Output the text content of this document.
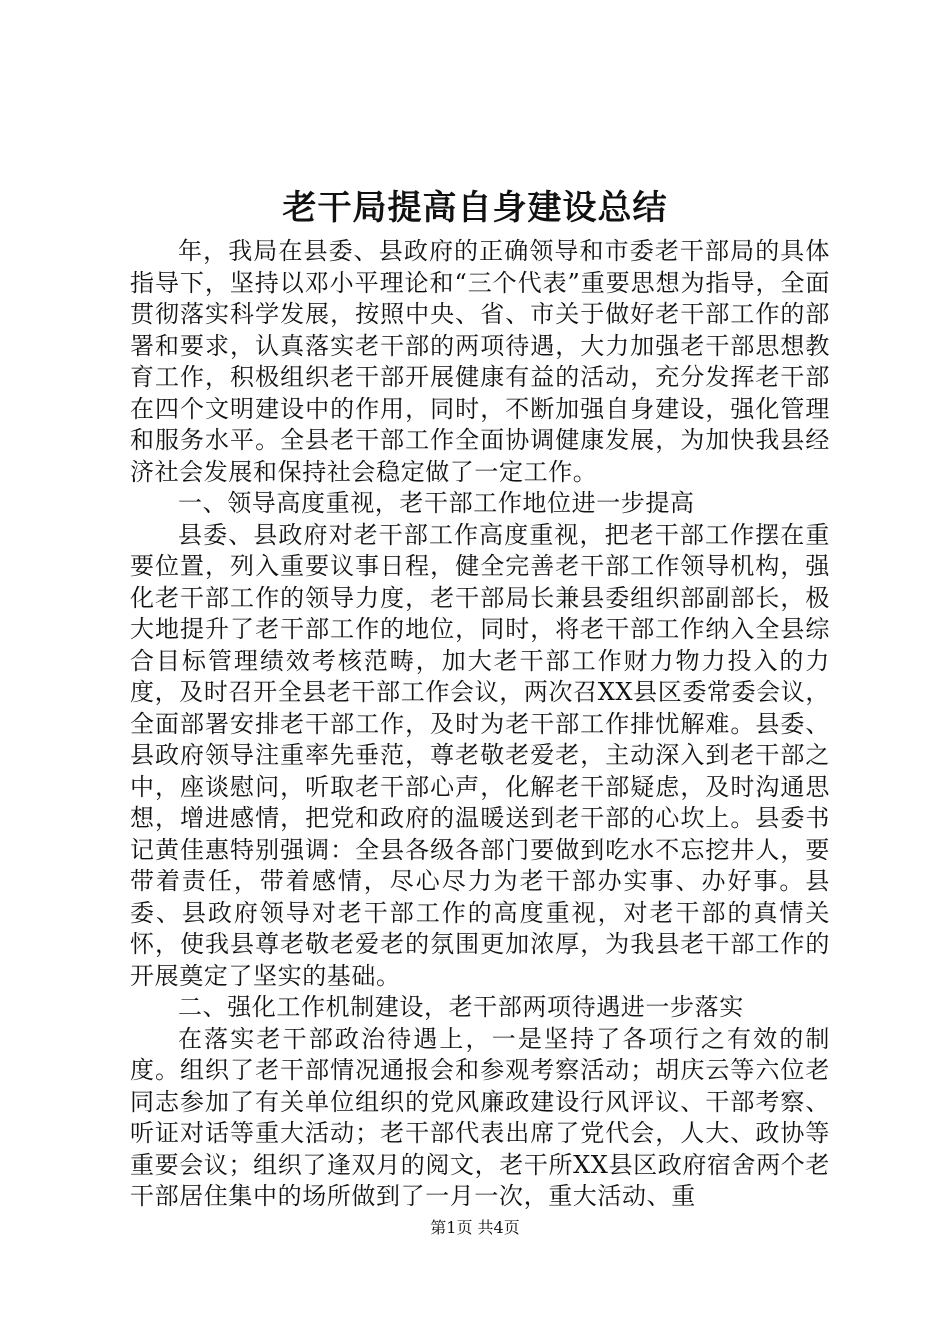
老干局提高自身建设总结

年，我局在县委、县政府的正确领导和市委老干部局的具体指导下，坚持以邓小平理论和“三个代表”重要思想为指导，全面贯彻落实科学发展，按照中央、省、市关于做好老干部工作的部署和要求，认真落实老干部的两项待遇，大力加强老干部思想教育工作，积极组织老干部开展健康有益的活动，充分发挥老干部在四个文明建设中的作用，同时，不断加强自身建设，强化管理和服务水平。全县老干部工作全面协调健康发展，为加快我县经济社会发展和保持社会稳定做了一定工作。

一、领导高度重视，老干部工作地位进一步提高

县委、县政府对老干部工作高度重视，把老干部工作摆在重要位置，列入重要议事日程，健全完善老干部工作领导机构，强化老干部工作的领导力度，老干部局长兼县委组织部副部长，极大地提升了老干部工作的地位，同时，将老干部工作纳入全县综合目标管理绩效考核范畴，加大老干部工作财力物力投入的力度，及时召开全县老干部工作会议，两次召XX县区委常委会议，全面部署安排老干部工作，及时为老干部工作排忧解难。县委、县政府领导注重率先垂范，尊老敬老爱老，主动深入到老干部之中，座谈慰问，听取老干部心声，化解老干部疑虑，及时沟通思想，增进感情，把党和政府的温暖送到老干部的心坎上。县委书记黄佳惠特别强调：全县各级各部门要做到吃水不忘挖井人，要带着责任，带着感情，尽心尽力为老干部办实事、办好事。县委、县政府领导对老干部工作的高度重视，对老干部的真情关怀，使我县尊老敬老爱老的氛围更加浓厚，为我县老干部工作的开展奠定了坚实的基础。

二、强化工作机制建设，老干部两项待遇进一步落实

在落实老干部政治待遇上，一是坚持了各项行之有效的制度。组织了老干部情况通报会和参观考察活动；胡庆云等六位老同志参加了有关单位组织的党风廉政建设行风评议、干部考察、听证对话等重大活动；老干部代表出席了党代会，人大、政协等重要会议；组织了逢双月的阅文，老干所XX县区政府宿舍两个老干部居住集中的场所做到了一月一次，重大活动、重

第1页 共4页
